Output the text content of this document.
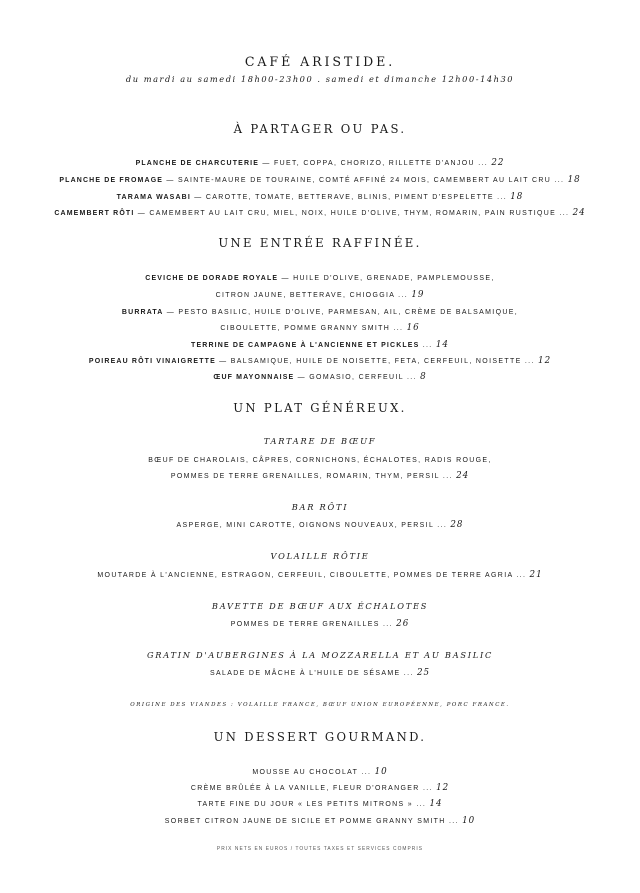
CAFÉ ARISTIDE.
du mardi au samedi 18h00-23h00 . samedi et dimanche 12h00-14h30
À PARTAGER OU PAS.
PLANCHE DE CHARCUTERIE — FUET, COPPA, CHORIZO, RILLETTE D'ANJOU ... 22
PLANCHE DE FROMAGE — SAINTE-MAURE DE TOURAINE, COMTÉ AFFINÉ 24 MOIS, CAMEMBERT AU LAIT CRU ... 18
TARAMA WASABI — CAROTTE, TOMATE, BETTERAVE, BLINIS, PIMENT D'ESPELETTE ... 18
CAMEMBERT RÔTI — CAMEMBERT AU LAIT CRU, MIEL, NOIX, HUILE D'OLIVE, THYM, ROMARIN, PAIN RUSTIQUE ... 24
UNE ENTRÉE RAFFINÉE.
CEVICHE DE DORADE ROYALE — HUILE D'OLIVE, GRENADE, PAMPLEMOUSSE,
CITRON JAUNE, BETTERAVE, CHIOGGIA ... 19
BURRATA — PESTO BASILIC, HUILE D'OLIVE, PARMESAN, AIL, CRÈME DE BALSAMIQUE,
CIBOULETTE, POMME GRANNY SMITH ... 16
TERRINE DE CAMPAGNE À L'ANCIENNE ET PICKLES ... 14
POIREAU RÔTI VINAIGRETTE — BALSAMIQUE, HUILE DE NOISETTE, FETA, CERFEUIL, NOISETTE ... 12
ŒUF MAYONNAISE — GOMASIO, CERFEUIL ... 8
UN PLAT GÉNÉREUX.
TARTARE DE BŒUF
BŒUF DE CHAROLAIS, CÂPRES, CORNICHONS, ÉCHALOTES, RADIS ROUGE,
POMMES DE TERRE GRENAILLES, ROMARIN, THYM, PERSIL ... 24
BAR RÔTI
ASPERGE, MINI CAROTTE, OIGNONS NOUVEAUX, PERSIL ... 28
VOLAILLE RÔTIE
MOUTARDE À L'ANCIENNE, ESTRAGON, CERFEUIL, CIBOULETTE, POMMES DE TERRE AGRIA ... 21
BAVETTE DE BŒUF AUX ÉCHALOTES
POMMES DE TERRE GRENAILLES ... 26
GRATIN D'AUBERGINES À LA MOZZARELLA ET AU BASILIC
SALADE DE MÂCHE À L'HUILE DE SÉSAME ... 25
ORIGINE DES VIANDES : VOLAILLE FRANCE, BŒUF UNION EUROPÉENNE, PORC FRANCE.
UN DESSERT GOURMAND.
MOUSSE AU CHOCOLAT ... 10
CRÈME BRÛLÉE À LA VANILLE, FLEUR D'ORANGER ... 12
TARTE FINE DU JOUR « LES PETITS MITRONS » ... 14
SORBET CITRON JAUNE DE SICILE ET POMME GRANNY SMITH ... 10
PRIX NETS EN EUROS / TOUTES TAXES ET SERVICES COMPRIS
